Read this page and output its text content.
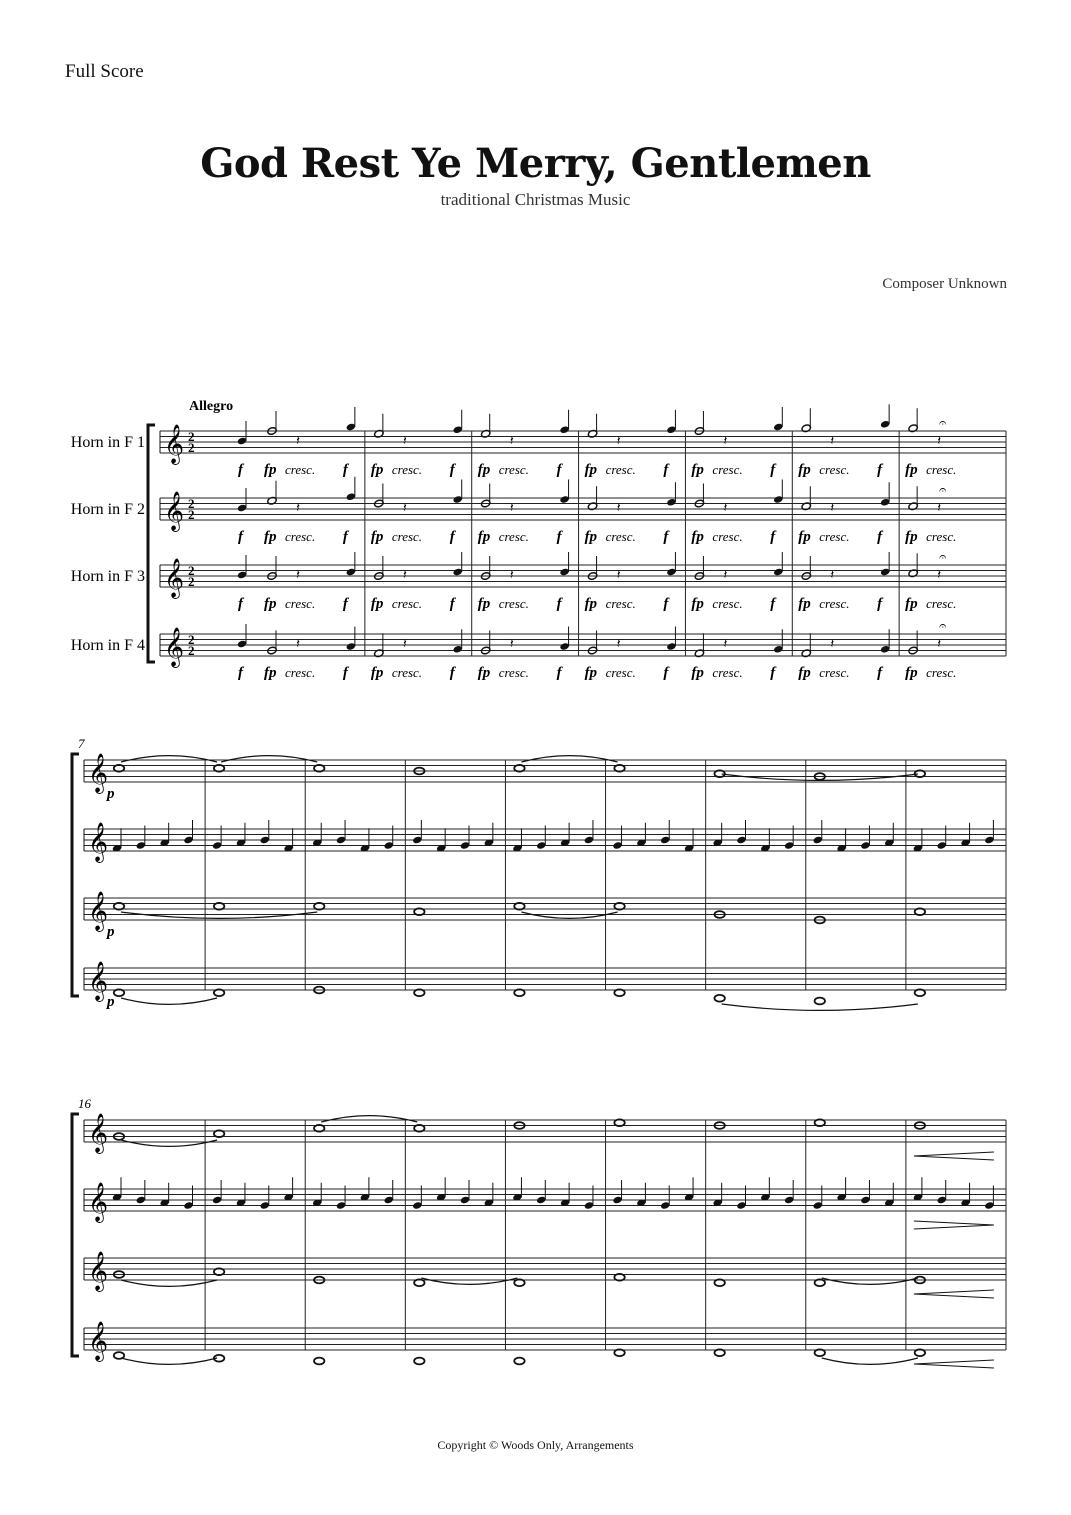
Full Score
God Rest Ye Merry, Gentlemen
traditional Christmas Music
Composer Unknown
Copyright © Woods Only, Arrangements
𝄞
Horn in F 1	2
2
𝄞
Horn in F 2	2
2
𝄞
Horn in F 3	2
2
𝄞
Horn in F 4	2
2
Allegro
f
𝄽
f
fp cresc.
𝄽
f
fp cresc.
𝄽
f
fp cresc.
𝄽
f
fp cresc.
𝄽
f
fp cresc.
𝄽
f
fp cresc.
𝄽
fp cresc.
𝄐
f
𝄽
f
fp cresc.
𝄽
f
fp cresc.
𝄽
f
fp cresc.
𝄽
f
fp cresc.
𝄽
f
fp cresc.
𝄽
f
fp cresc.
𝄽
fp cresc.
𝄐
f
𝄽
f
fp cresc.
𝄽
f
fp cresc.
𝄽
f
fp cresc.
𝄽
f
fp cresc.
𝄽
f
fp cresc.
𝄽
f
fp cresc.
𝄽
fp cresc.
𝄐
f
𝄽
f
fp cresc.
𝄽
f
fp cresc.
𝄽
f
fp cresc.
𝄽
f
fp cresc.
𝄽
f
fp cresc.
𝄽
f
fp cresc.
𝄽
fp cresc.
𝄐
𝄞
𝄞
𝄞
𝄞
7
p
p
p
𝄞
𝄞
𝄞
𝄞
16
